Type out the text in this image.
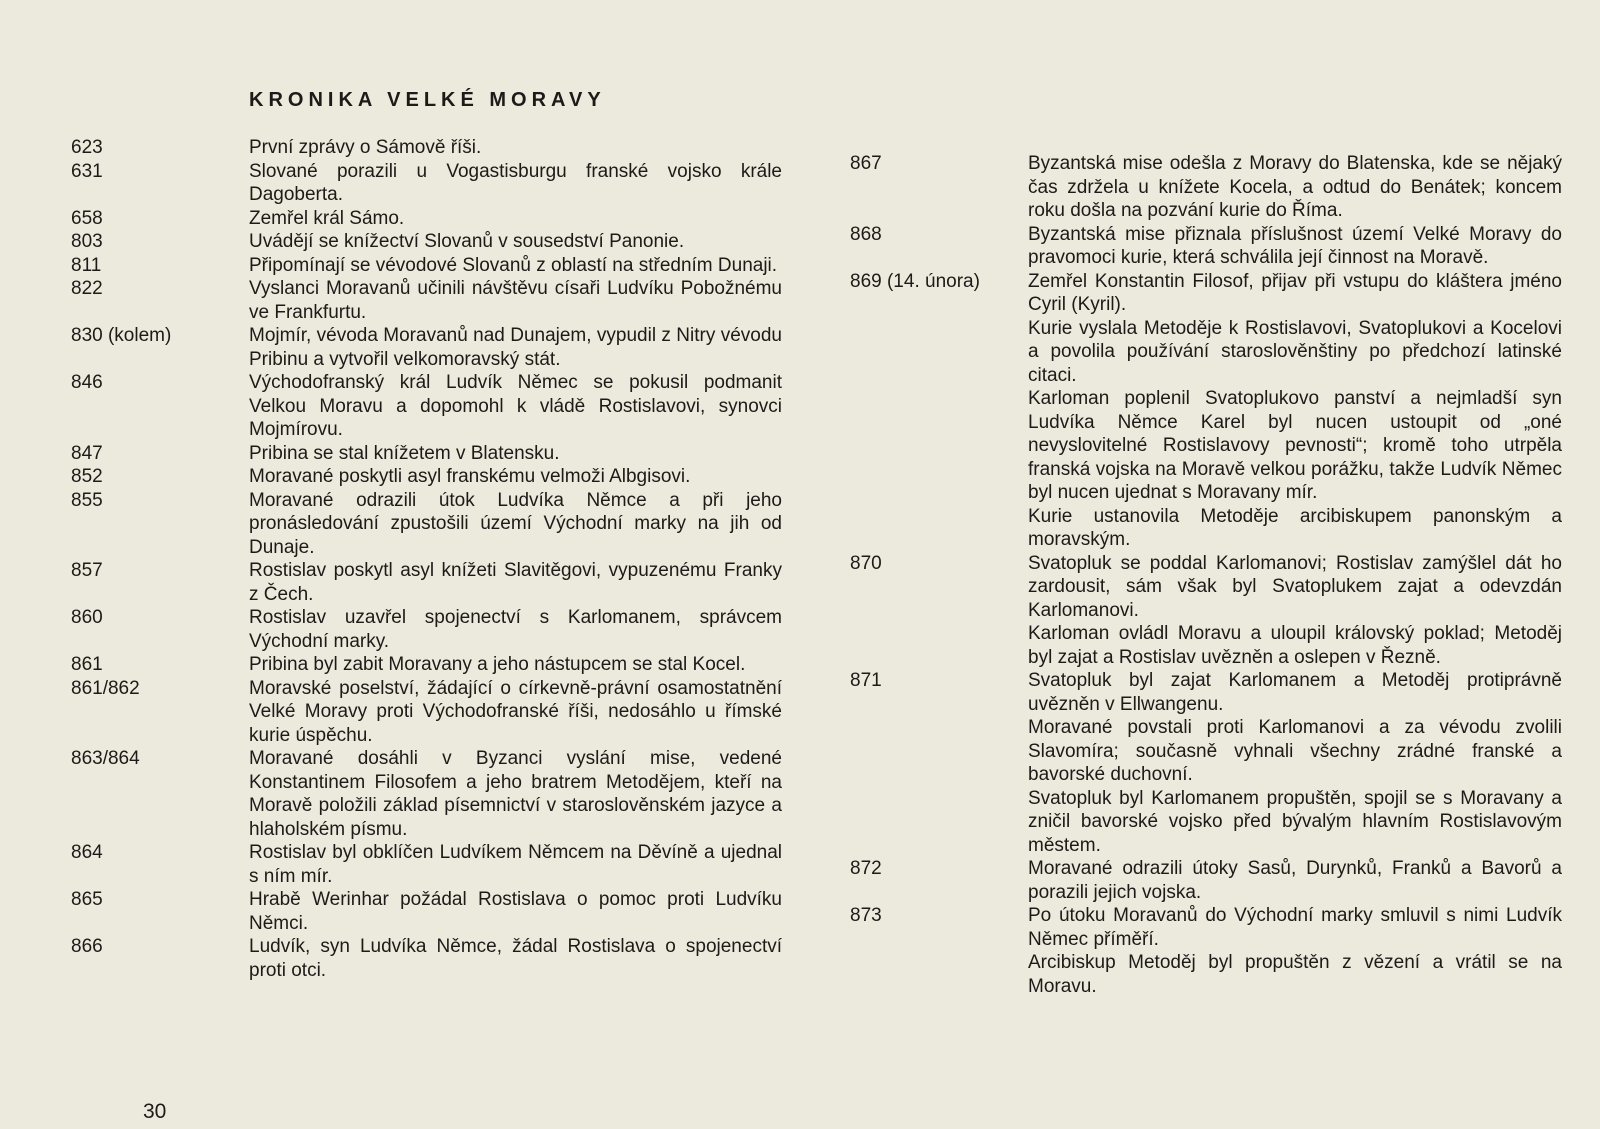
KRONIKA VELKÉ MORAVY
623	První zprávy o Sámově říši.
631	Slované porazili u Vogastisburgu franské vojsko krále Dagoberta.
658	Zemřel král Sámo.
803	Uvádějí se knížectví Slovanů v sousedství Panonie.
811	Připomínají se vévodové Slovanů z oblastí na středním Dunaji.
822	Vyslanci Moravanů učinili návštěvu císaři Ludvíku Pobožnému ve Frankfurtu.
830 (kolem)	Mojmír, vévoda Moravanů nad Dunajem, vypudil z Nitry vévodu Pribinu a vytvořil velkomoravský stát.
846	Východofranský král Ludvík Němec se pokusil podmanit Velkou Moravu a dopomohl k vládě Rostislavovi, synovci Mojmírovu.
847	Pribina se stal knížetem v Blatensku.
852	Moravané poskytli asyl franskému velmoži Albgisovi.
855	Moravané odrazili útok Ludvíka Němce a při jeho pronásledování zpustošili území Východní marky na jih od Dunaje.
857	Rostislav poskytl asyl knížeti Slavitěgovi, vypuzenému Franky z Čech.
860	Rostislav uzavřel spojenectví s Karlomanem, správcem Východní marky.
861	Pribina byl zabit Moravany a jeho nástupcem se stal Kocel.
861/862	Moravské poselství, žádající o církevně-právní osamostatnění Velké Moravy proti Východofranské říši, nedosáhlo u římské kurie úspěchu.
863/864	Moravané dosáhli v Byzanci vyslání mise, vedené Konstantinem Filosofem a jeho bratrem Metodějem, kteří na Moravě položili základ písemnictví v staroslověnském jazyce a hlaholském písmu.
864	Rostislav byl obklíčen Ludvíkem Němcem na Děvíně a ujednal s ním mír.
865	Hrabě Werinhar požádal Rostislava o pomoc proti Ludvíku Němci.
866	Ludvík, syn Ludvíka Němce, žádal Rostislava o spojenectví proti otci.
867	Byzantská mise odešla z Moravy do Blatenska, kde se nějaký čas zdržela u knížete Kocela, a odtud do Benátek; koncem roku došla na pozvání kurie do Říma.
868	Byzantská mise přiznala příslušnost území Velké Moravy do pravomoci kurie, která schválila její činnost na Moravě.
869 (14. února)	Zemřel Konstantin Filosof, přijav při vstupu do kláštera jméno Cyril (Kyril).
Kurie vyslala Metoděje k Rostislavovi, Svatoplukovi a Kocelovi a povolila používání staroslověnštiny po předchozí latinské citaci.
Karloman poplenil Svatoplukovo panství a nejmladší syn Ludvíka Němce Karel byl nucen ustoupit od „oné nevyslovitelné Rostislavovy pevnosti“; kromě toho utrpěla franská vojska na Moravě velkou porážku, takže Ludvík Němec byl nucen ujednat s Moravany mír.
Kurie ustanovila Metoděje arcibiskupem panonským a moravským.
870	Svatopluk se poddal Karlomanovi; Rostislav zamýšlel dát ho zardousit, sám však byl Svatoplukem zajat a odevzdán Karlomanovi.
Karloman ovládl Moravu a uloupil královský poklad; Metoděj byl zajat a Rostislav uvězněn a oslepen v Řezně.
871	Svatopluk byl zajat Karlomanem a Metoděj protiprávně uvězněn v Ellwangenu.
Moravané povstali proti Karlomanovi a za vévodu zvolili Slavomíra; současně vyhnali všechny zrádné franské a bavorské duchovní.
Svatopluk byl Karlomanem propuštěn, spojil se s Moravany a zničil bavorské vojsko před bývalým hlavním Rostislavovým městem.
872	Moravané odrazili útoky Sasů, Durynků, Franků a Bavorů a porazili jejich vojska.
873	Po útoku Moravanů do Východní marky smluvil s nimi Ludvík Němec příměří.
Arcibiskup Metoděj byl propuštěn z vězení a vrátil se na Moravu.
30
